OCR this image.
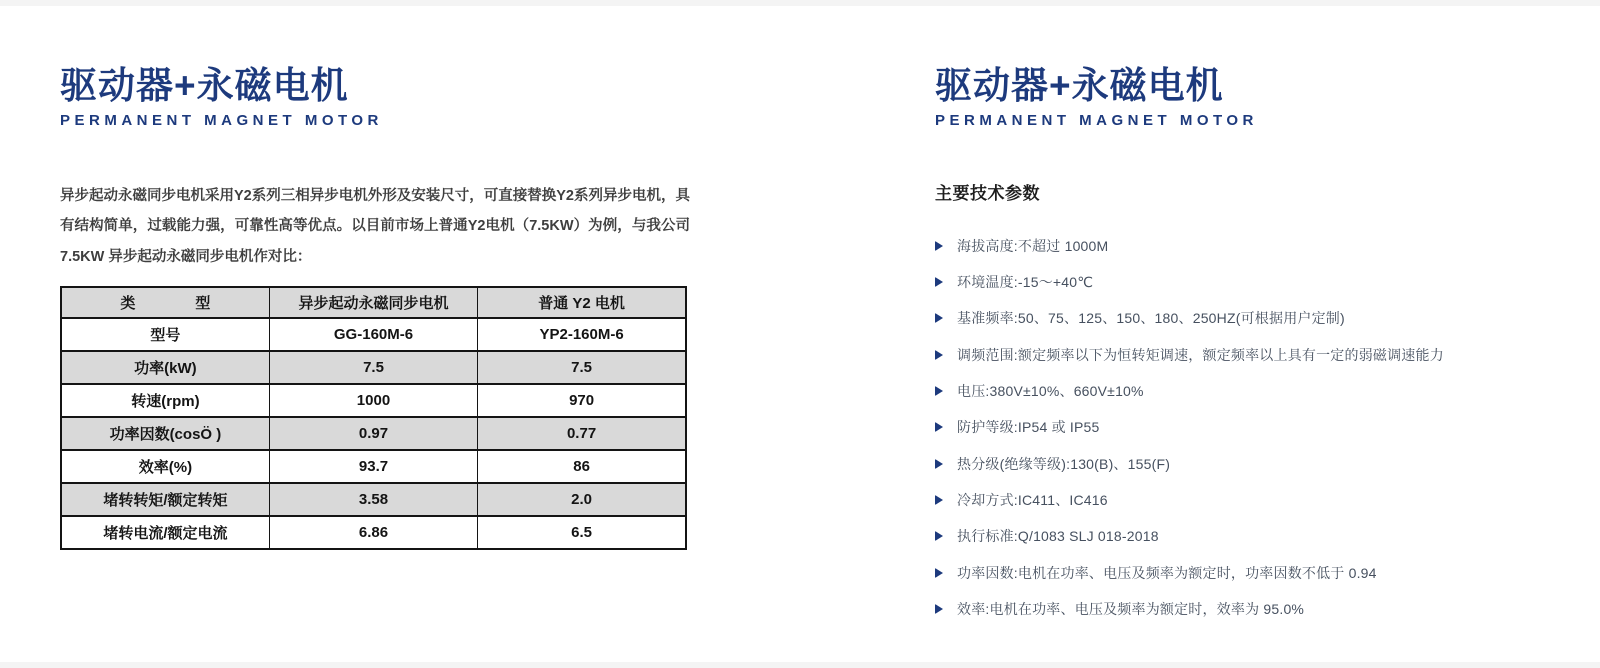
驱动器+永磁电机
PERMANENT MAGNET MOTOR

异步起动永磁同步电机采用Y2系列三相异步电机外形及安装尺寸，可直接替换Y2系列异步电机，具有结构简单，过载能力强，可靠性高等优点。以目前市场上普通Y2电机（7.5KW）为例，与我公司7.5KW 异步起动永磁同步电机作对比：

类　　　　型	异步起动永磁同步电机	普通 Y2 电机
型号	GG-160M-6	YP2-160M-6
功率(kW)	7.5	7.5
转速(rpm)	1000	970
功率因数(cosÖ )	0.97	0.77
效率(%)	93.7	86
堵转转矩/额定转矩	3.58	2.0
堵转电流/额定电流	6.86	6.5
驱动器+永磁电机
PERMANENT MAGNET MOTOR
主要技术参数
海拔高度:不超过 1000M
环境温度:-15～+40℃
基准频率:50、75、125、150、180、250HZ(可根据用户定制)
调频范围:额定频率以下为恒转矩调速，额定频率以上具有一定的弱磁调速能力
电压:380V±10%、660V±10%
防护等级:IP54 或 IP55
热分级(绝缘等级):130(B)、155(F)
冷却方式:IC411、IC416
执行标准:Q/1083 SLJ 018-2018
功率因数:电机在功率、电压及频率为额定时，功率因数不低于 0.94
效率:电机在功率、电压及频率为额定时，效率为 95.0%
